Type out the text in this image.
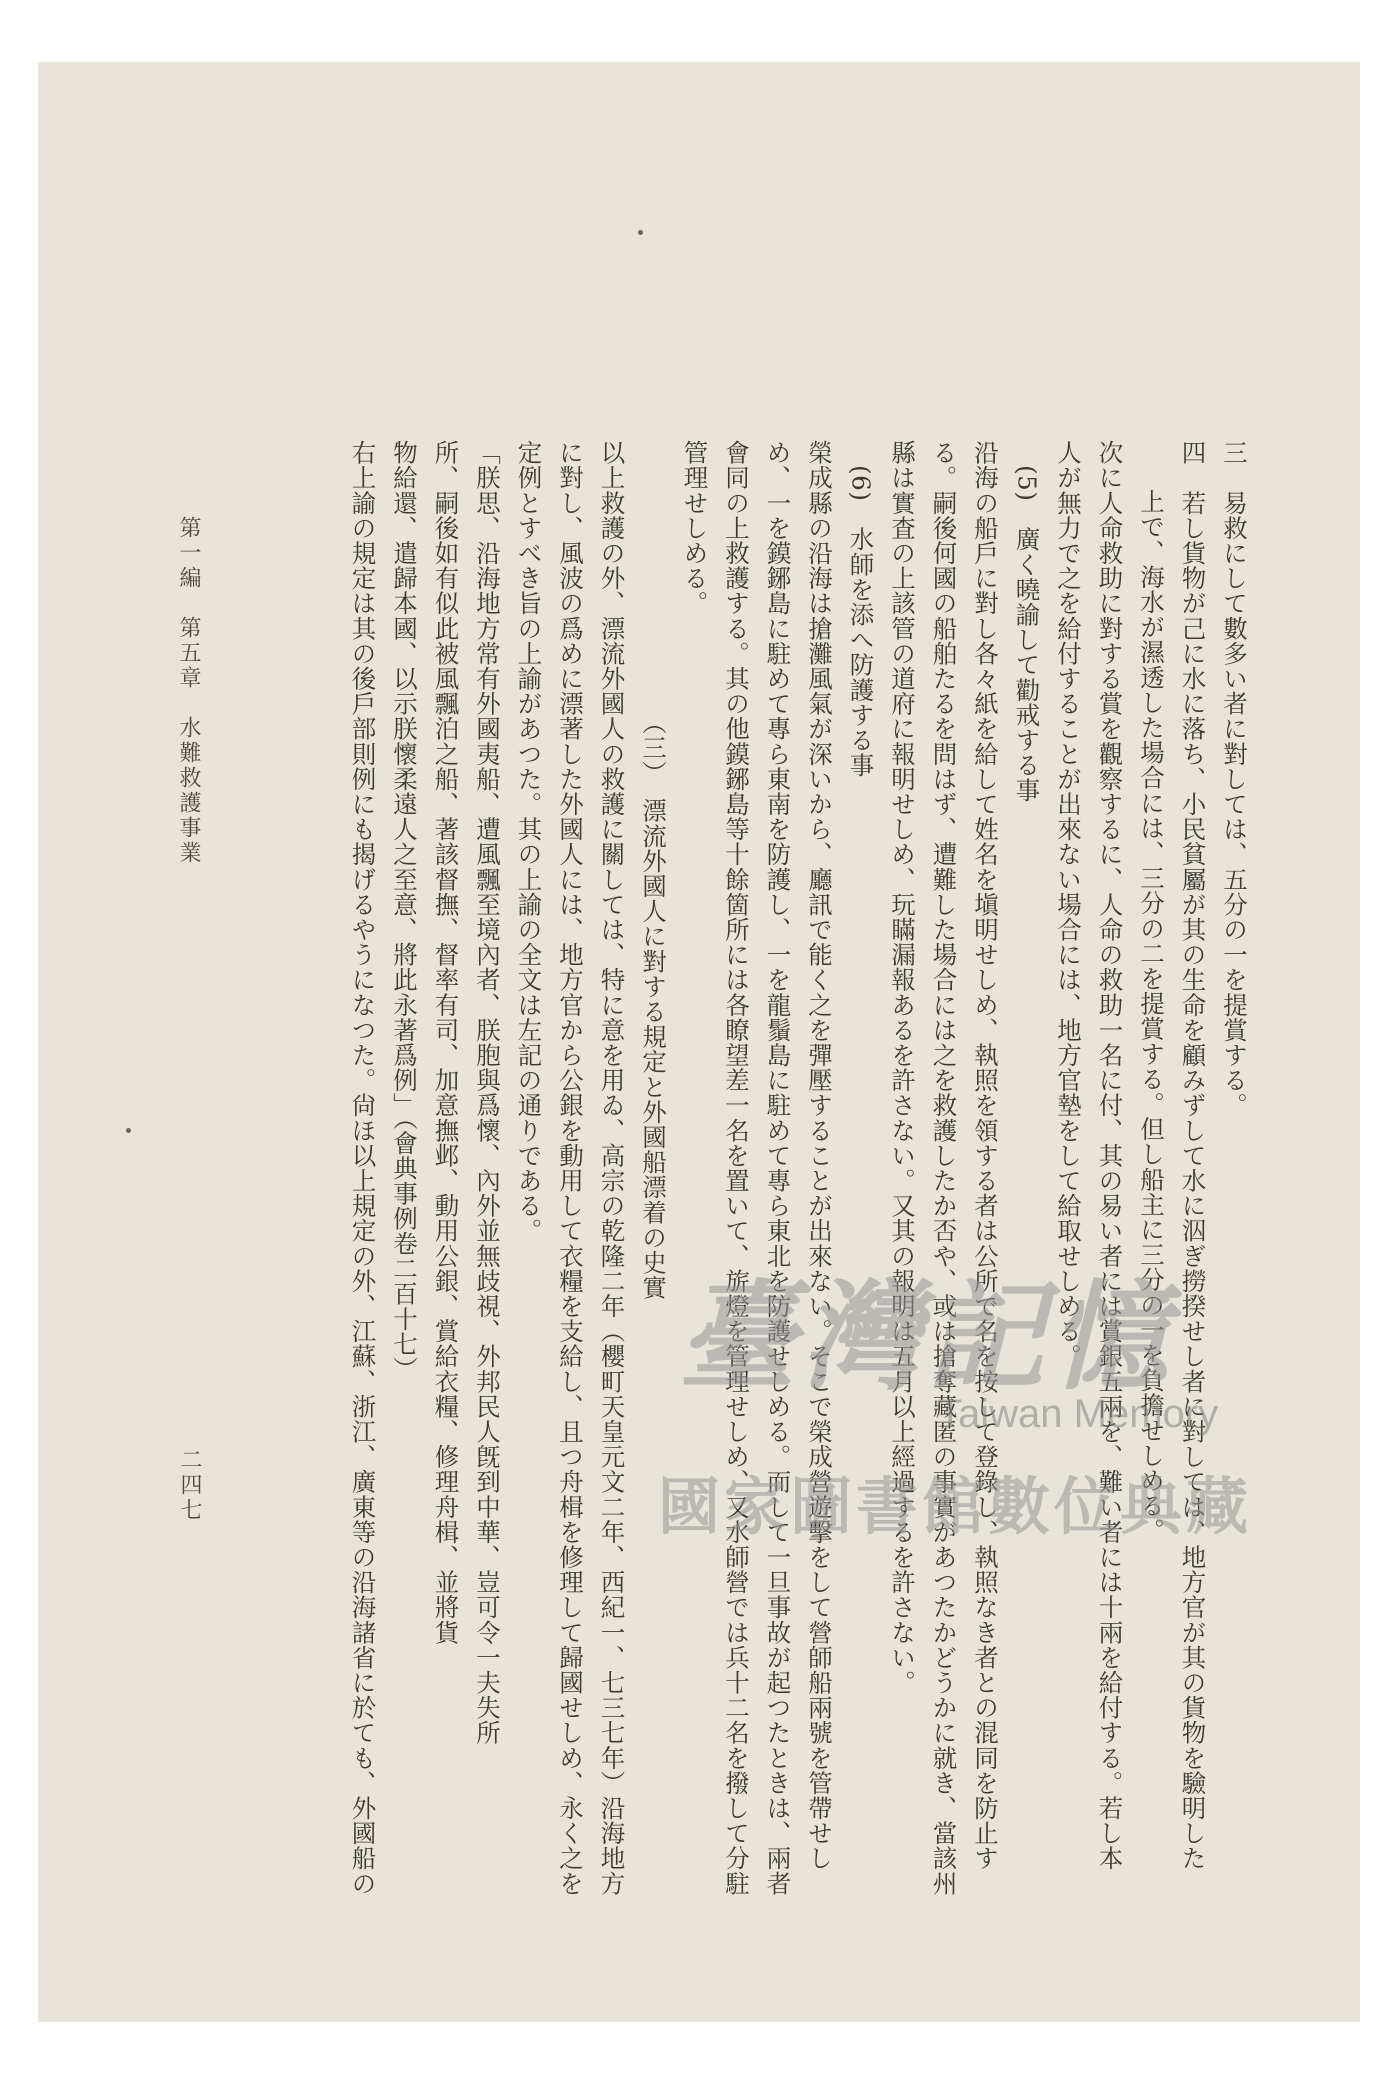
三　易救にして數多い者に對しては、五分の一を提賞する。
四　若し貨物が己に水に落ち、小民貧屬が其の生命を顧みずして水に泅ぎ撈揆せし者に對しては、地方官が其の貨物を驗明した
上で、海水が濕透した場合には、三分の二を提賞する。但し船主に三分の一を負擔せしめる。
次に人命救助に對する賞を觀察するに、人命の救助一名に付、其の易い者には賞銀五兩を、難い者には十兩を給付する。若し本
人が無力で之を給付することが出來ない場合には、地方官墊をして給取せしめる。
(5)　廣く曉諭して勸戒する事
沿海の船戶に對し各々紙を給して姓名を塡明せしめ、執照を領する者は公所で名を按して登錄し、執照なき者との混同を防止す
る。嗣後何國の船舶たるを問はず、遭難した場合には之を救護したか否や、或は搶奪藏匿の事實があつたかどうかに就き、當該州
縣は實査の上該管の道府に報明せしめ、玩瞞漏報あるを許さない。又其の報明は五月以上經過するを許さない。
(6)　水師を添へ防護する事
榮成縣の沿海は搶灘風氣が深いから、廳訊で能く之を彈壓することが出來ない。そこで榮成營遊擊をして營師船兩號を管帶せし
め、一を鏌鋣島に駐めて專ら東南を防護し、一を龍鬚島に駐めて專ら東北を防護せしめる。而して一旦事故が起つたときは、兩者
會同の上救護する。其の他鏌鋣島等十餘箇所には各瞭望差一名を置いて、旂燈を管理せしめ、又水師營では兵十二名を撥して分駐
管理せしめる。
（三）　漂流外國人に對する規定と外國船漂着の史實
以上救護の外、漂流外國人の救護に關しては、特に意を用ゐ、高宗の乾隆二年（櫻町天皇元文二年、西紀一、七三七年）沿海地方
に對し、風波の爲めに漂著した外國人には、地方官から公銀を動用して衣糧を支給し、且つ舟楫を修理して歸國せしめ、永く之を
定例とすべき旨の上諭があつた。其の上諭の全文は左記の通りである。
「朕思、沿海地方常有外國夷船、遭風飄至境內者、朕胞與爲懷、內外並無歧視、外邦民人旣到中華、豈可令一夫失所
所、嗣後如有似此被風飄泊之船、著該督撫、督率有司、加意撫邺、動用公銀、賞給衣糧、修理舟楫、並將貨
物給還、遣歸本國、以示朕懷柔遠人之至意、將此永著爲例」（會典事例卷二百十七）
右上諭の規定は其の後戶部則例にも揭げるやうになつた。尙ほ以上規定の外、江蘇、浙江、廣東等の沿海諸省に於ても、外國船の
第一編　第五章　水難救護事業
二四七
臺灣記憶
Taiwan Memory
國家圖書館數位典藏
